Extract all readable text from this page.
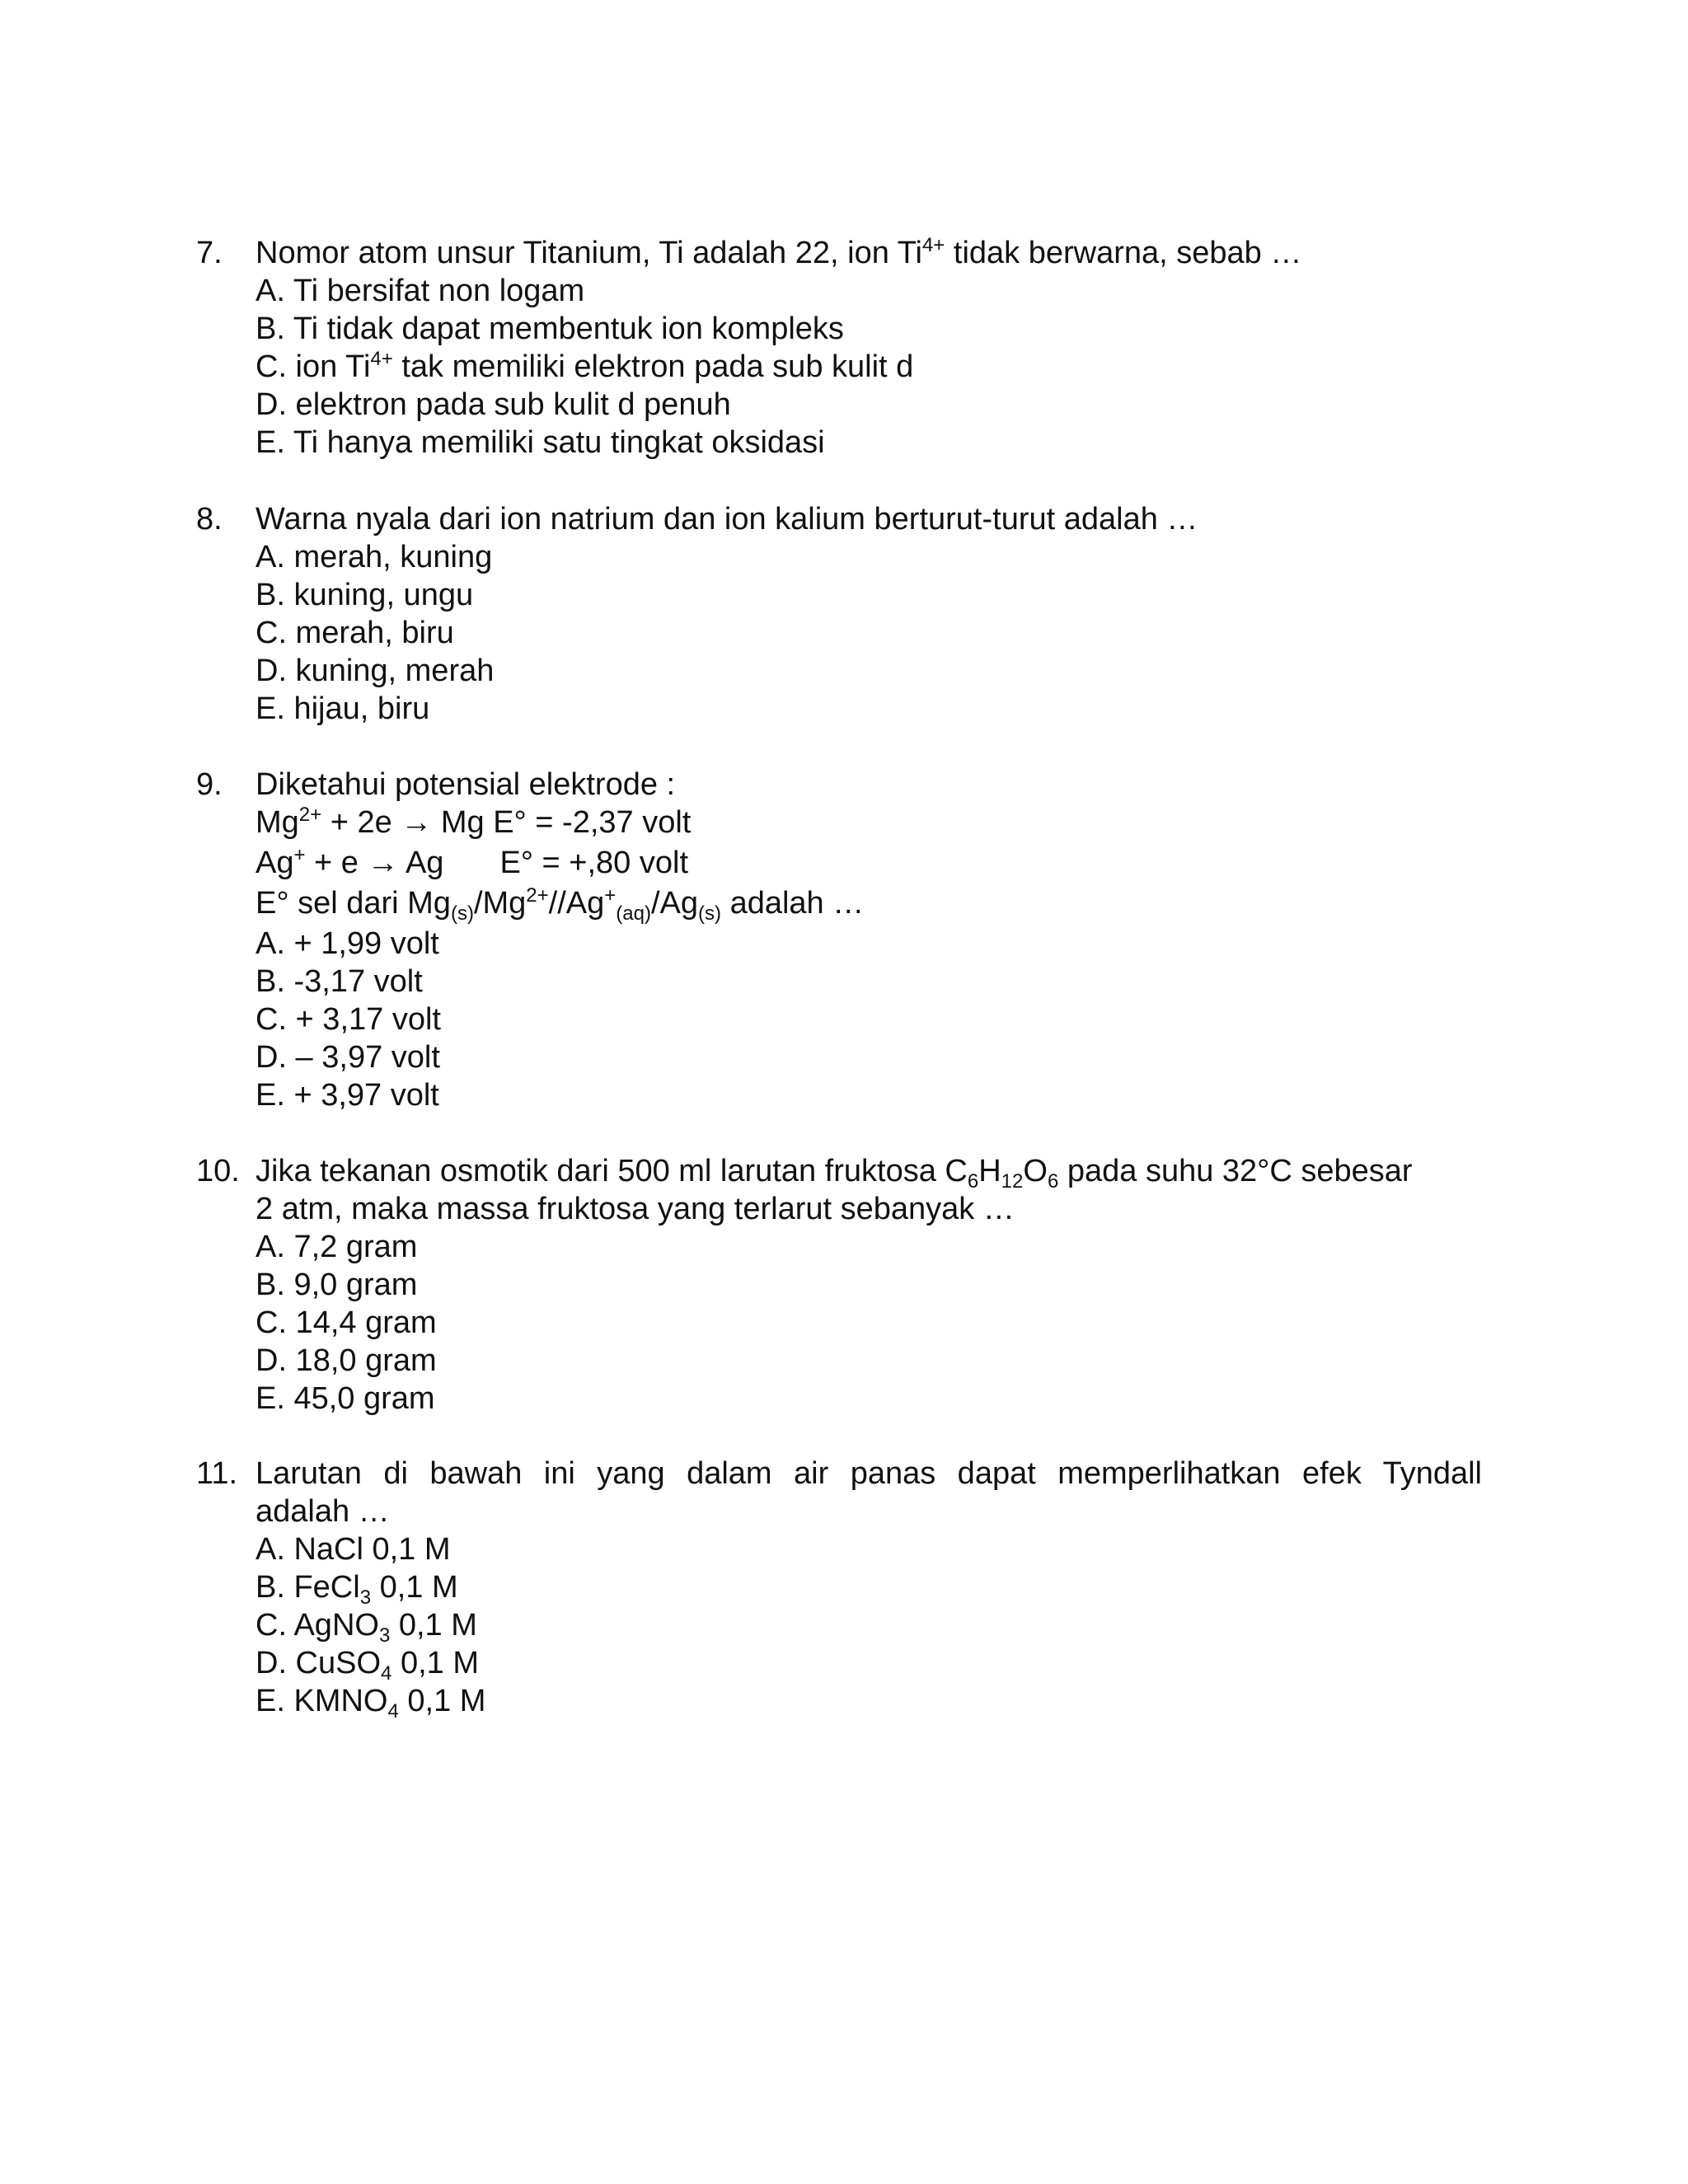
7.	Nomor atom unsur Titanium, Ti adalah 22, ion $Ti^{4+}$ tidak berwarna, sebab …
A. Ti bersifat non logam
B. Ti tidak dapat membentuk ion kompleks
C. ion $Ti^{4+}$ tak memiliki elektron pada sub kulit d
D. elektron pada sub kulit d penuh
E. Ti hanya memiliki satu tingkat oksidasi
8.	Warna nyala dari ion natrium dan ion kalium berturut-turut adalah …
A. merah, kuning
B. kuning, ungu
C. merah, biru
D. kuning, merah
E. hijau, biru
9.	Diketahui potensial elektrode :
$Mg^{2+} + 2e \to Mg$ E° = -2,37 volt
Ag+ + e → Ag E° = +,80 volt
E° sel dari $Mg_{(s)}/Mg^{2+}//Ag^+_{(aq)}/Ag_{(s)}$ adalah …
A. + 1,99 volt
B. -3,17 volt
C. + 3,17 volt
D. – 3,97 volt
E. + 3,97 volt
10. Jika tekanan osmotik dari 500 ml larutan fruktosa $C_6H_{12}O_6$ pada suhu 32°C sebesar
2 atm, maka massa fruktosa yang terlarut sebanyak …
A. 7,2 gram
B. 9,0 gram
C. 14,4 gram
D. 18,0 gram
E. 45,0 gram
11. Larutan di bawah ini yang dalam air panas dapat memperlihatkan efek Tyndall
adalah …
A. NaCl 0,1 M
B. FeCl$_3$ 0,1 M
C. AgNO$_3$ 0,1 M
D. CuSO$_4$ 0,1 M
E. $KMNO_4$ 0,1 M
